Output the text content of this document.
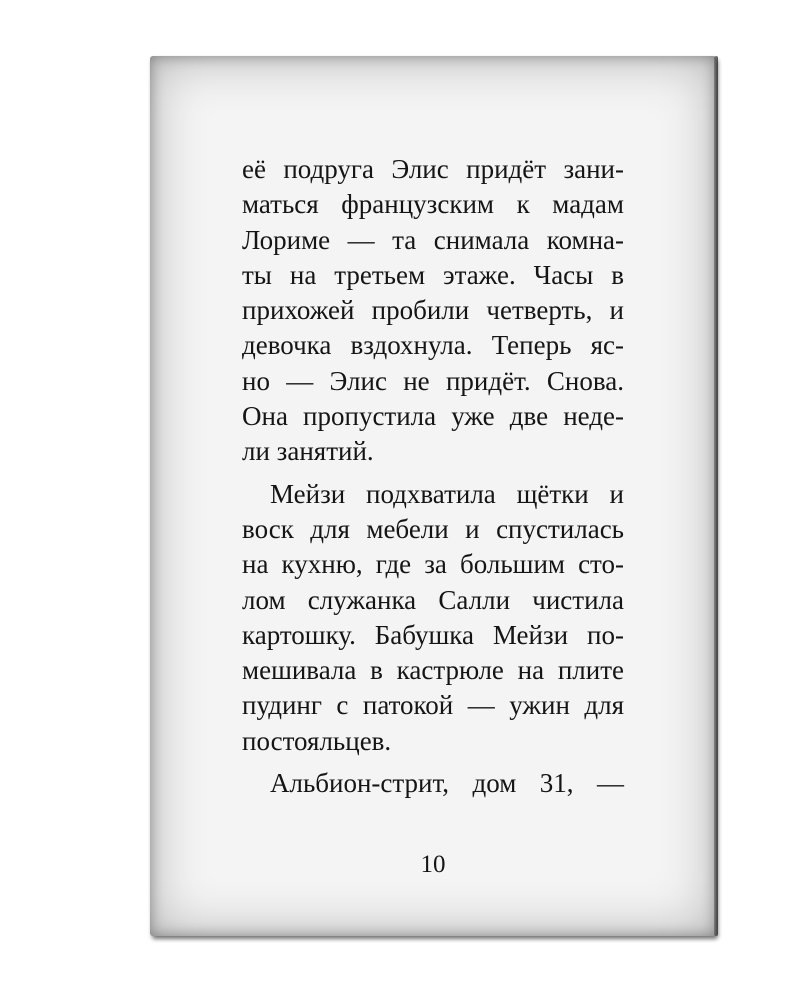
её подруга Элис придёт зани-
маться французским к мадам
Лориме — та снимала комна-
ты на третьем этаже. Часы в
прихожей пробили четверть, и
девочка вздохнула. Теперь яс-
но — Элис не придёт. Снова.
Она пропустила уже две неде-
ли занятий.
Мейзи подхватила щётки и
воск для мебели и спустилась
на кухню, где за большим сто-
лом служанка Салли чистила
картошку. Бабушка Мейзи по-
мешивала в кастрюле на плите
пудинг с патокой — ужин для
постояльцев.
Альбион-стрит, дом 31, —
10
